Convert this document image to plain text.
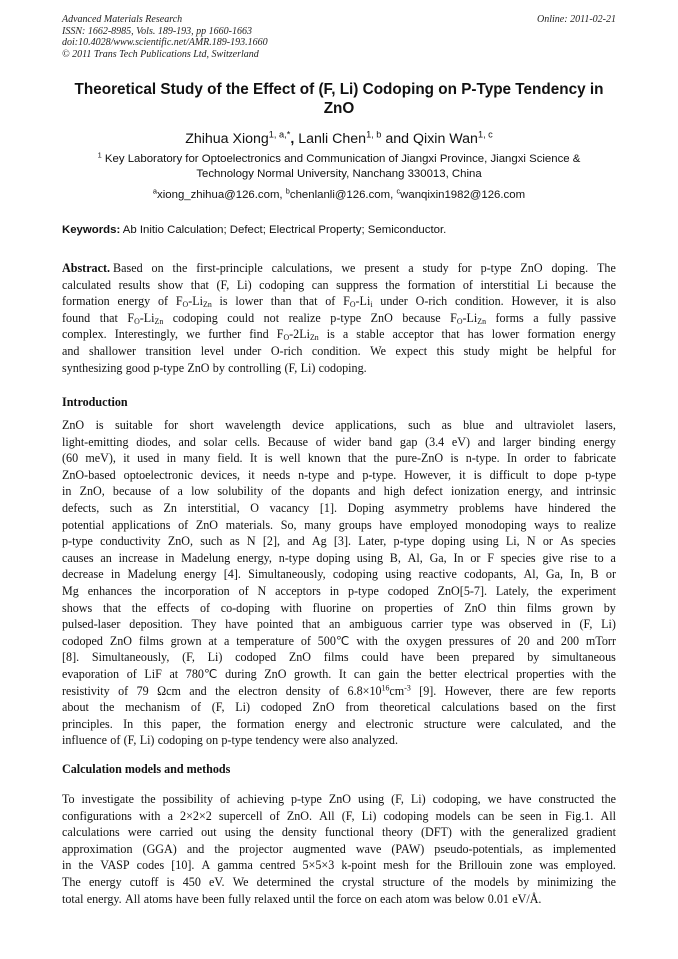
Advanced Materials Research
ISSN: 1662-8985, Vols. 189-193, pp 1660-1663
doi:10.4028/www.scientific.net/AMR.189-193.1660
© 2011 Trans Tech Publications Ltd, Switzerland
Online: 2011-02-21
Theoretical Study of the Effect of (F, Li) Codoping on P-Type Tendency in ZnO
Zhihua Xiong$^{1, a,*}$, Lanli Chen$^{1, b}$ and Qixin Wan$^{1, c}$
$^1$ Key Laboratory for Optoelectronics and Communication of Jiangxi Province, Jiangxi Science &
Technology Normal University, Nanchang 330013, China
$^a$xiong_zhihua@126.com, $^b$chenlanli@126.com, $^c$wanqixin1982@126.com
Keywords: Ab Initio Calculation; Defect; Electrical Property; Semiconductor.
Abstract. Based on the first-principle calculations, we present a study for p-type ZnO doping. The
calculated results show that (F, Li) codoping can suppress the formation of interstitial Li because the
formation energy of $F_O-Li_{Zn}$ is lower than that of $F_O-Li_i$ under O-rich condition. However, it is also
found that $F_O-Li_{Zn}$ codoping could not realize p-type ZnO because $F_O-Li_{Zn}$ forms a fully passive
complex. Interestingly, we further find $F_O-2Li_{Zn}$ is a stable acceptor that has lower formation energy
and shallower transition level under O-rich condition. We expect this study might be helpful for
synthesizing good p-type ZnO by controlling (F, Li) codoping.
Introduction
ZnO is suitable for short wavelength device applications, such as blue and ultraviolet lasers,
light-emitting diodes, and solar cells. Because of wider band gap (3.4 eV) and larger binding energy
(60 meV), it used in many field. It is well known that the pure-ZnO is n-type. In order to fabricate
ZnO-based optoelectronic devices, it needs n-type and p-type. However, it is difficult to dope p-type
in ZnO, because of a low solubility of the dopants and high defect ionization energy, and intrinsic
defects, such as Zn interstitial, O vacancy [1]. Doping asymmetry problems have hindered the
potential applications of ZnO materials. So, many groups have employed monodoping ways to realize
p-type conductivity ZnO, such as N [2], and Ag [3]. Later, p-type doping using Li, N or As species
causes an increase in Madelung energy, n-type doping using B, Al, Ga, In or F species give rise to a
decrease in Madelung energy [4]. Simultaneously, codoping using reactive codopants, Al, Ga, In, B or
Mg enhances the incorporation of N acceptors in p-type codoped ZnO[5-7]. Lately, the experiment
shows that the effects of co-doping with fluorine on properties of ZnO thin films grown by
pulsed-laser deposition. They have pointed that an ambiguous carrier type was observed in (F, Li)
codoped ZnO films grown at a temperature of 500℃ with the oxygen pressures of 20 and 200 mTorr
[8]. Simultaneously, (F, Li) codoped ZnO films could have been prepared by simultaneous
evaporation of LiF at 780℃ during ZnO growth. It can gain the better electrical properties with the
resistivity of 79 Ωcm and the electron density of $6.8\times 10^{16}cm^{-3}$ [9]. However, there are few reports
about the mechanism of (F, Li) codoped ZnO from theoretical calculations based on the first
principles. In this paper, the formation energy and electronic structure were calculated, and the
influence of (F, Li) codoping on p-type tendency were also analyzed.
Calculation models and methods
To investigate the possibility of achieving p-type ZnO using (F, Li) codoping, we have constructed the
configurations with a 2×2×2 supercell of ZnO. All (F, Li) codoping models can be seen in Fig.1. All
calculations were carried out using the density functional theory (DFT) with the generalized gradient
approximation (GGA) and the projector augmented wave (PAW) pseudo-potentials, as implemented
in the VASP codes [10]. A gamma centred 5×5×3 k-point mesh for the Brillouin zone was employed.
The energy cutoff is 450 eV. We determined the crystal structure of the models by minimizing the
total energy. All atoms have been fully relaxed until the force on each atom was below 0.01 eV/Å.
